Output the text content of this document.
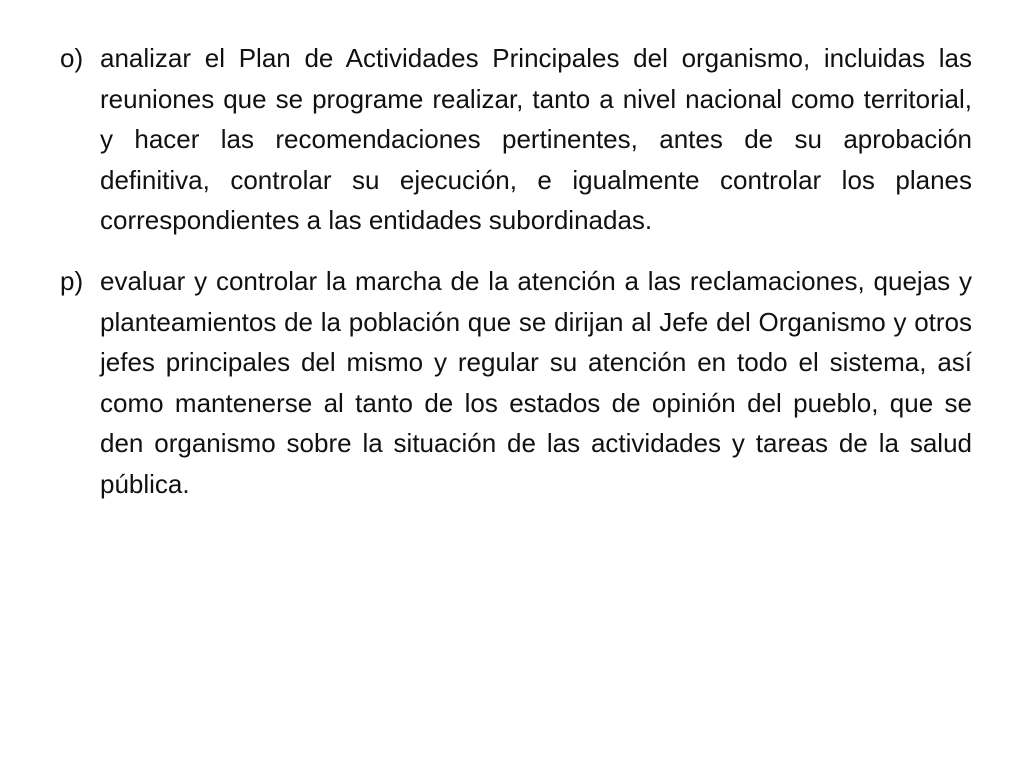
o) analizar el Plan de Actividades Principales del organismo, incluidas las reuniones que se programe realizar, tanto a nivel nacional como territorial, y hacer las recomendaciones pertinentes, antes de su aprobación definitiva, controlar su ejecución, e igualmente controlar los planes correspondientes a las entidades subordinadas.
p) evaluar y controlar la marcha de la atención a las reclamaciones, quejas y planteamientos de la población que se dirijan al Jefe del Organismo y otros jefes principales del mismo y regular su atención en todo el sistema, así como mantenerse al tanto de los estados de opinión del pueblo, que se den organismo sobre la situación de las actividades y tareas de la salud pública.
